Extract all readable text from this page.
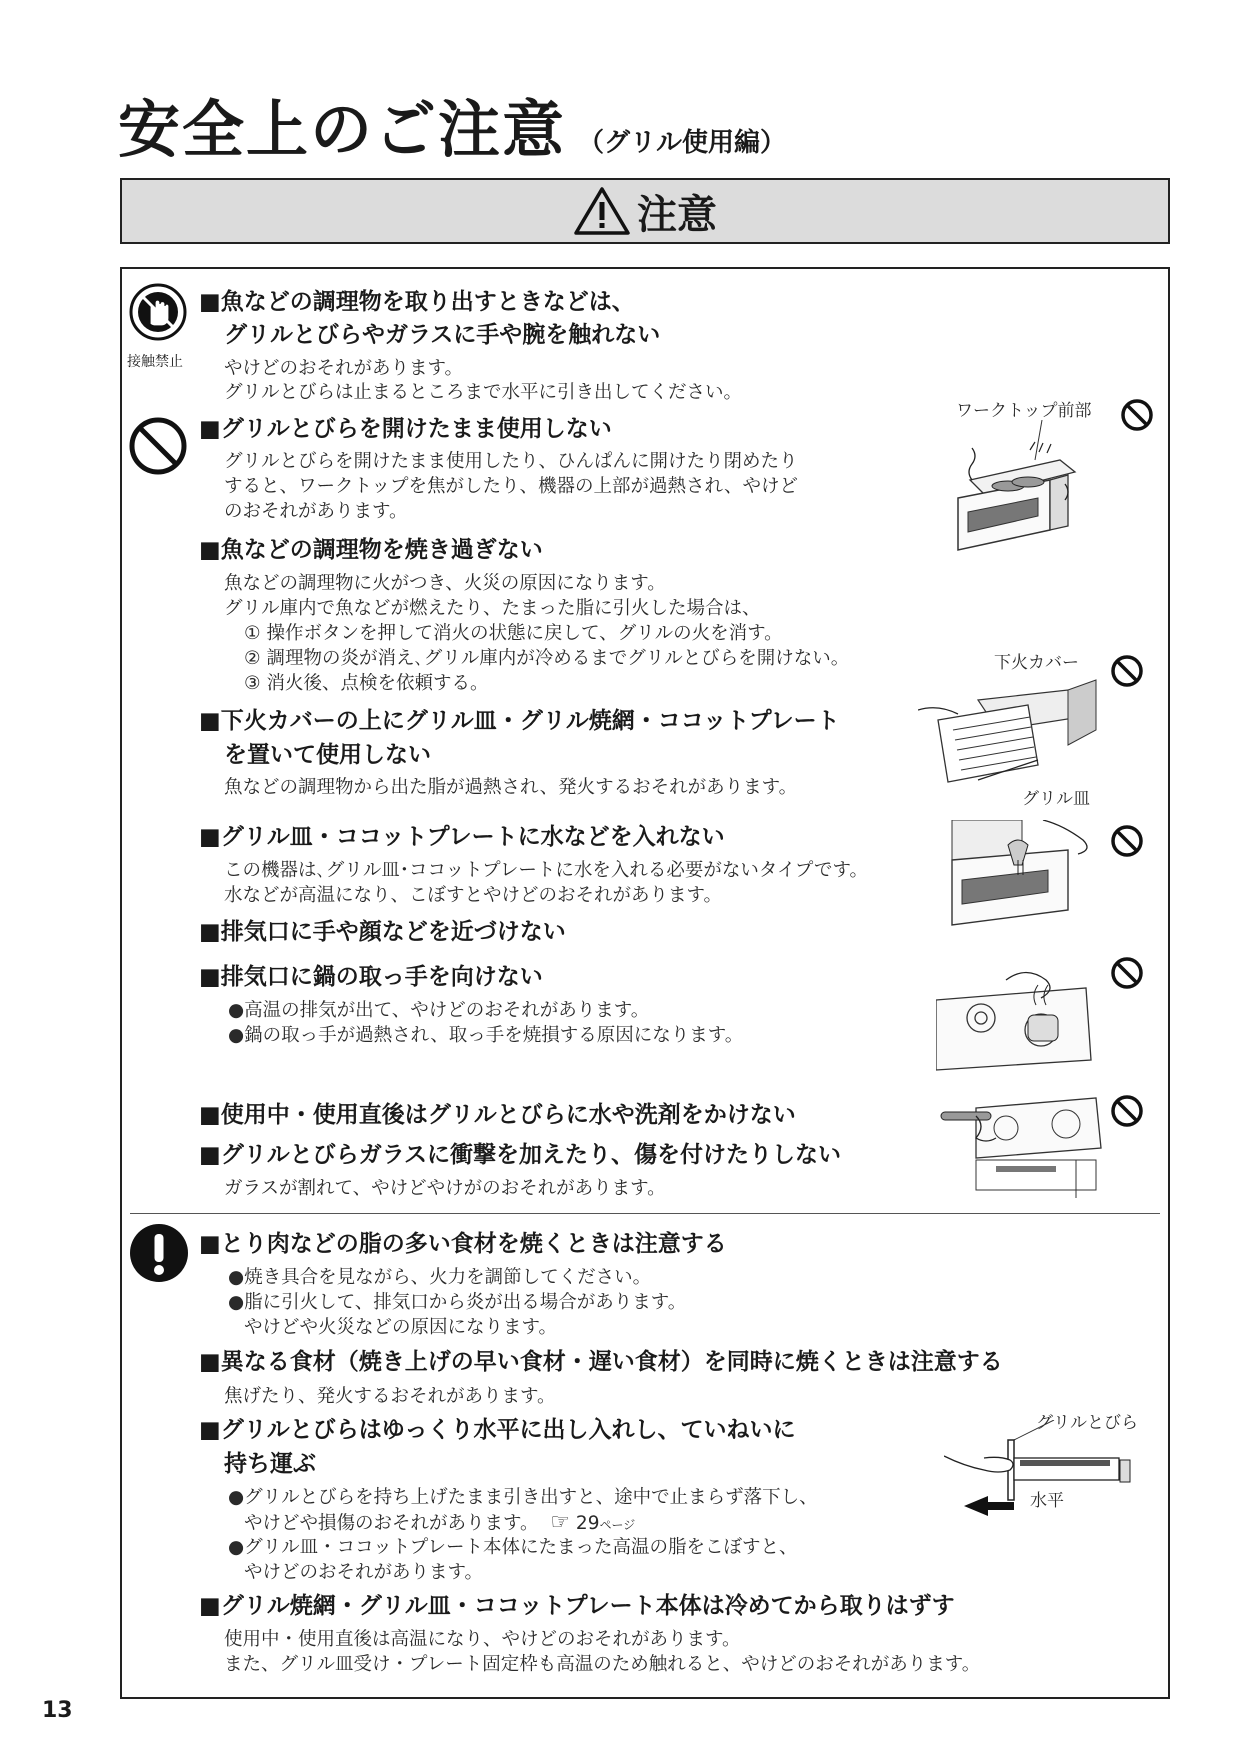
安全上のご注意 （グリル使用編）
注意
接触禁止
■魚などの調理物を取り出すときなどは、
グリルとびらやガラスに手や腕を触れない
やけどのおそれがあります。
グリルとびらは止まるところまで水平に引き出してください。
■グリルとびらを開けたまま使用しない
グリルとびらを開けたまま使用したり、ひんぱんに開けたり閉めたり
すると、ワークトップを焦がしたり、機器の上部が過熱され、やけど
のおそれがあります。
■魚などの調理物を焼き過ぎない
魚などの調理物に火がつき、火災の原因になります。
グリル庫内で魚などが燃えたり、たまった脂に引火した場合は、
① 操作ボタンを押して消火の状態に戻して、グリルの火を消す。
② 調理物の炎が消え､グリル庫内が冷めるまでグリルとびらを開けない。
③ 消火後、点検を依頼する。
■下火カバーの上にグリル皿・グリル焼網・ココットプレート
を置いて使用しない
魚などの調理物から出た脂が過熱され、発火するおそれがあります。
■グリル皿・ココットプレートに水などを入れない
この機器は､グリル皿･ココットプレートに水を入れる必要がないタイプです。
水などが高温になり、こぼすとやけどのおそれがあります。
■排気口に手や顔などを近づけない
■排気口に鍋の取っ手を向けない
●高温の排気が出て、やけどのおそれがあります。
●鍋の取っ手が過熱され、取っ手を焼損する原因になります。
■使用中・使用直後はグリルとびらに水や洗剤をかけない
■グリルとびらガラスに衝撃を加えたり、傷を付けたりしない
ガラスが割れて、やけどやけがのおそれがあります。
■とり肉などの脂の多い食材を焼くときは注意する
●焼き具合を見ながら、火力を調節してください。
●脂に引火して、排気口から炎が出る場合があります。
やけどや火災などの原因になります。
■異なる食材（焼き上げの早い食材・遅い食材）を同時に焼くときは注意する
焦げたり、発火するおそれがあります。
■グリルとびらはゆっくり水平に出し入れし、ていねいに
持ち運ぶ
●グリルとびらを持ち上げたまま引き出すと、途中で止まらず落下し、
やけどや損傷のおそれがあります。 ☞ 29ページ
●グリル皿・ココットプレート本体にたまった高温の脂をこぼすと、
やけどのおそれがあります。
■グリル焼網・グリル皿・ココットプレート本体は冷めてから取りはずす
使用中・使用直後は高温になり、やけどのおそれがあります。
また、グリル皿受け・プレート固定枠も高温のため触れると、やけどのおそれがあります。
ワークトップ前部
下火カバー
グリル皿
グリルとびら
水平
13
